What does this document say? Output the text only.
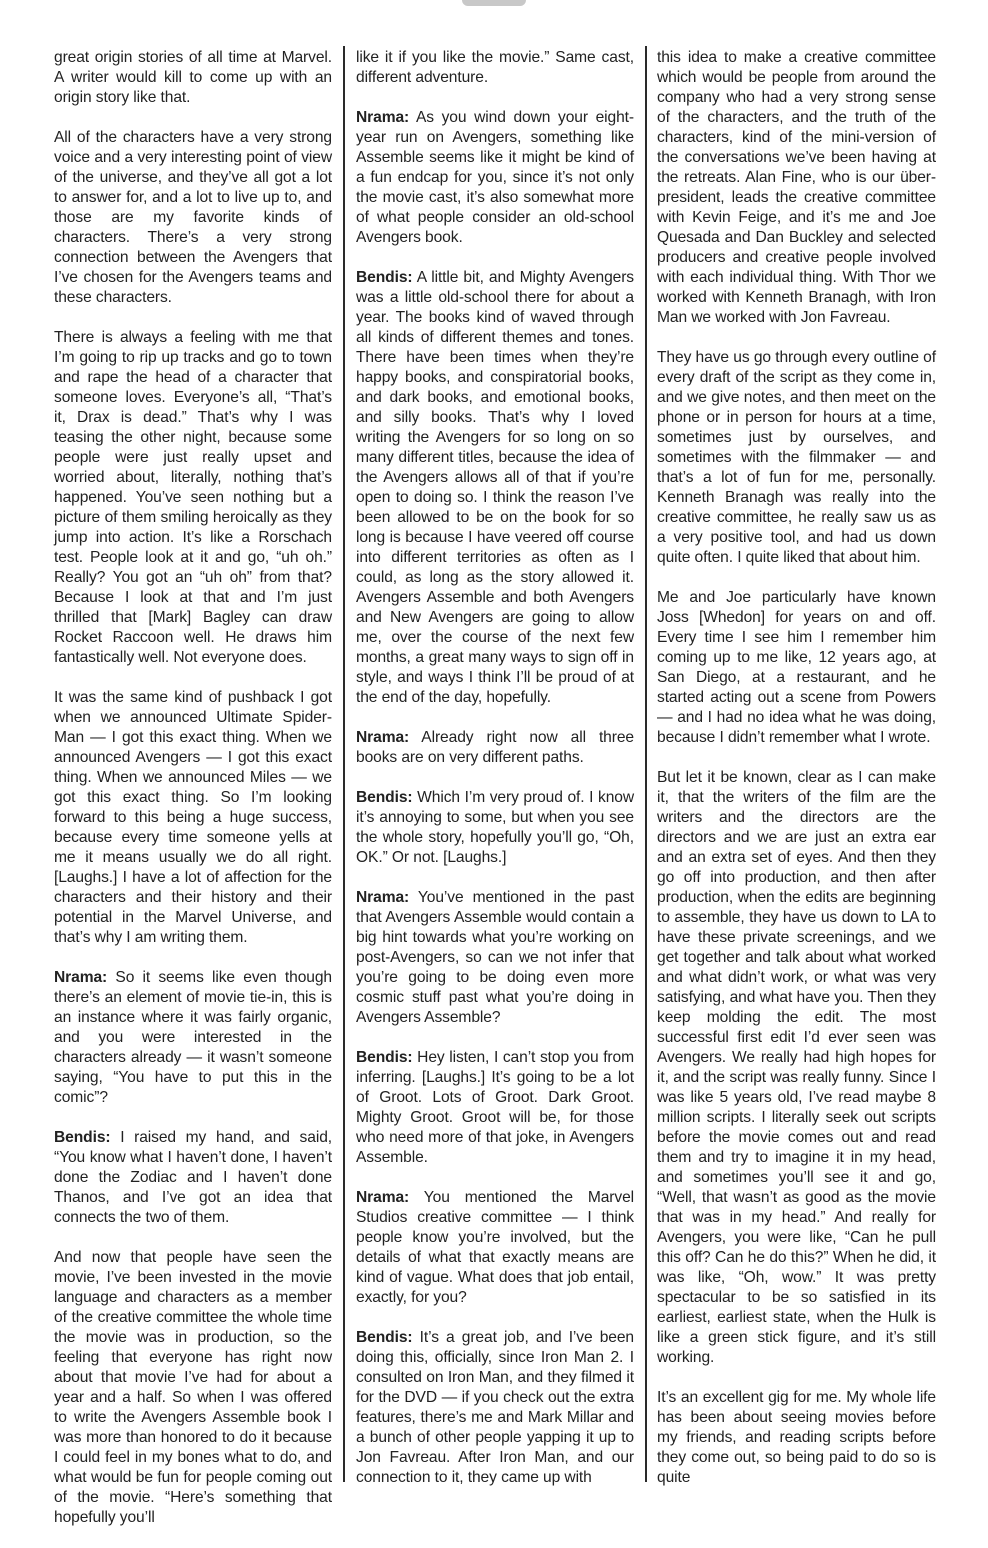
great origin stories of all time at Marvel. A writer would kill to come up with an origin story like that.

All of the characters have a very strong voice and a very interesting point of view of the universe, and they’ve all got a lot to answer for, and a lot to live up to, and those are my favorite kinds of characters. There’s a very strong connection between the Avengers that I’ve chosen for the Avengers teams and these characters.

There is always a feeling with me that I’m going to rip up tracks and go to town and rape the head of a character that someone loves. Everyone’s all, “That’s it, Drax is dead.” That’s why I was teasing the other night, because some people were just really upset and worried about, literally, nothing that’s happened. You’ve seen nothing but a picture of them smiling heroically as they jump into action. It’s like a Rorschach test. People look at it and go, “uh oh.” Really? You got an “uh oh” from that? Because I look at that and I’m just thrilled that [Mark] Bagley can draw Rocket Raccoon well. He draws him fantastically well. Not everyone does.

It was the same kind of pushback I got when we announced Ultimate Spider-Man — I got this exact thing. When we announced Avengers — I got this exact thing. When we announced Miles — we got this exact thing. So I’m looking forward to this being a huge success, because every time someone yells at me it means usually we do all right. [Laughs.] I have a lot of affection for the characters and their history and their potential in the Marvel Universe, and that’s why I am writing them.

Nrama: So it seems like even though there’s an element of movie tie-in, this is an instance where it was fairly organic, and you were interested in the characters already — it wasn’t someone saying, “You have to put this in the comic”?

Bendis: I raised my hand, and said, “You know what I haven’t done, I haven’t done the Zodiac and I haven’t done Thanos, and I’ve got an idea that connects the two of them.

And now that people have seen the movie, I’ve been invested in the movie language and characters as a member of the creative committee the whole time the movie was in production, so the feeling that everyone has right now about that movie I’ve had for about a year and a half. So when I was offered to write the Avengers Assemble book I was more than honored to do it because I could feel in my bones what to do, and what would be fun for people coming out of the movie. “Here’s something that hopefully you’ll

like it if you like the movie.” Same cast, different adventure.

Nrama: As you wind down your eight-year run on Avengers, something like Assemble seems like it might be kind of a fun endcap for you, since it’s not only the movie cast, it’s also somewhat more of what people consider an old-school Avengers book.

Bendis: A little bit, and Mighty Avengers was a little old-school there for about a year. The books kind of waved through all kinds of different themes and tones. There have been times when they’re happy books, and conspiratorial books, and dark books, and emotional books, and silly books. That’s why I loved writing the Avengers for so long on so many different titles, because the idea of the Avengers allows all of that if you’re open to doing so. I think the reason I’ve been allowed to be on the book for so long is because I have veered off course into different territories as often as I could, as long as the story allowed it. Avengers Assemble and both Avengers and New Avengers are going to allow me, over the course of the next few months, a great many ways to sign off in style, and ways I think I’ll be proud of at the end of the day, hopefully.

Nrama: Already right now all three books are on very different paths.

Bendis: Which I’m very proud of. I know it’s annoying to some, but when you see the whole story, hopefully you’ll go, “Oh, OK.” Or not. [Laughs.]

Nrama: You’ve mentioned in the past that Avengers Assemble would contain a big hint towards what you’re working on post-Avengers, so can we not infer that you’re going to be doing even more cosmic stuff past what you’re doing in Avengers Assemble?

Bendis: Hey listen, I can’t stop you from inferring. [Laughs.] It’s going to be a lot of Groot. Lots of Groot. Dark Groot. Mighty Groot. Groot will be, for those who need more of that joke, in Avengers Assemble.

Nrama: You mentioned the Marvel Studios creative committee — I think people know you’re involved, but the details of what that exactly means are kind of vague. What does that job entail, exactly, for you?

Bendis: It’s a great job, and I’ve been doing this, officially, since Iron Man 2. I consulted on Iron Man, and they filmed it for the DVD — if you check out the extra features, there’s me and Mark Millar and a bunch of other people yapping it up to Jon Favreau. After Iron Man, and our connection to it, they came up with

this idea to make a creative committee which would be people from around the company who had a very strong sense of the characters, and the truth of the characters, kind of the mini-version of the conversations we’ve been having at the retreats. Alan Fine, who is our über-president, leads the creative committee with Kevin Feige, and it’s me and Joe Quesada and Dan Buckley and selected producers and creative people involved with each individual thing. With Thor we worked with Kenneth Branagh, with Iron Man we worked with Jon Favreau.

They have us go through every outline of every draft of the script as they come in, and we give notes, and then meet on the phone or in person for hours at a time, sometimes just by ourselves, and sometimes with the filmmaker — and that’s a lot of fun for me, personally. Kenneth Branagh was really into the creative committee, he really saw us as a very positive tool, and had us down quite often. I quite liked that about him.

Me and Joe particularly have known Joss [Whedon] for years on and off. Every time I see him I remember him coming up to me like, 12 years ago, at San Diego, at a restaurant, and he started acting out a scene from Powers — and I had no idea what he was doing, because I didn’t remember what I wrote.

But let it be known, clear as I can make it, that the writers of the film are the writers and the directors are the directors and we are just an extra ear and an extra set of eyes. And then they go off into production, and then after production, when the edits are beginning to assemble, they have us down to LA to have these private screenings, and we get together and talk about what worked and what didn’t work, or what was very satisfying, and what have you. Then they keep molding the edit. The most successful first edit I’d ever seen was Avengers. We really had high hopes for it, and the script was really funny. Since I was like 5 years old, I’ve read maybe 8 million scripts. I literally seek out scripts before the movie comes out and read them and try to imagine it in my head, and sometimes you’ll see it and go, “Well, that wasn’t as good as the movie that was in my head.” And really for Avengers, you were like, “Can he pull this off? Can he do this?” When he did, it was like, “Oh, wow.” It was pretty spectacular to be so satisfied in its earliest, earliest state, when the Hulk is like a green stick figure, and it’s still working.

It’s an excellent gig for me. My whole life has been about seeing movies before my friends, and reading scripts before they come out, so being paid to do so is quite
